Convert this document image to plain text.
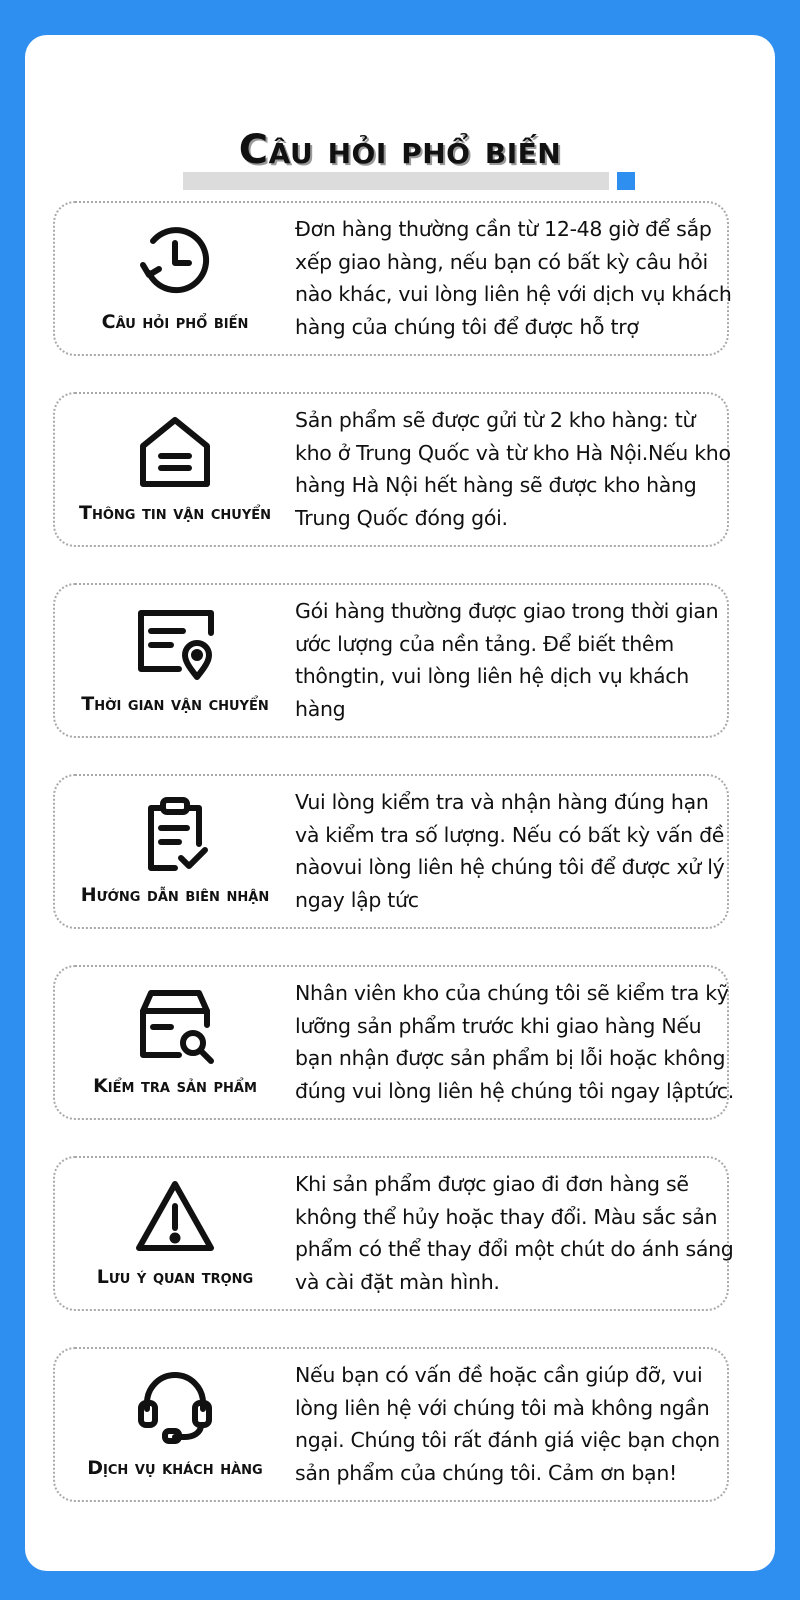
Câu hỏi phổ biến
Câu hỏi phổ biến
Đơn hàng thường cần từ 12-48 giờ để sắp xếp giao hàng, nếu bạn có bất kỳ câu hỏi nào khác, vui lòng liên hệ với dịch vụ khách hàng của chúng tôi để được hỗ trợ
Thông tin vận chuyển
Sản phẩm sẽ được gửi từ 2 kho hàng: từ kho ở Trung Quốc và từ kho Hà Nội.Nếu kho hàng Hà Nội hết hàng sẽ được kho hàng Trung Quốc đóng gói.
Thời gian vận chuyển
Gói hàng thường được giao trong thời gian ước lượng của nền tảng. Để biết thêm thôngtin, vui lòng liên hệ dịch vụ khách hàng
Hướng dẫn biên nhận
Vui lòng kiểm tra và nhận hàng đúng hạn và kiểm tra số lượng. Nếu có bất kỳ vấn đề nàovui lòng liên hệ chúng tôi để được xử lý ngay lập tức
Kiểm tra sản phẩm
Nhân viên kho của chúng tôi sẽ kiểm tra kỹ lưỡng sản phẩm trước khi giao hàng Nếu bạn nhận được sản phẩm bị lỗi hoặc không đúng vui lòng liên hệ chúng tôi ngay lậptức.
Lưu ý quan trọng
Khi sản phẩm được giao đi đơn hàng sẽ không thể hủy hoặc thay đổi. Màu sắc sản phẩm có thể thay đổi một chút do ánh sáng và cài đặt màn hình.
Dịch vụ khách hàng
Nếu bạn có vấn đề hoặc cần giúp đỡ, vui lòng liên hệ với chúng tôi mà không ngần ngại. Chúng tôi rất đánh giá việc bạn chọn sản phẩm của chúng tôi. Cảm ơn bạn!
